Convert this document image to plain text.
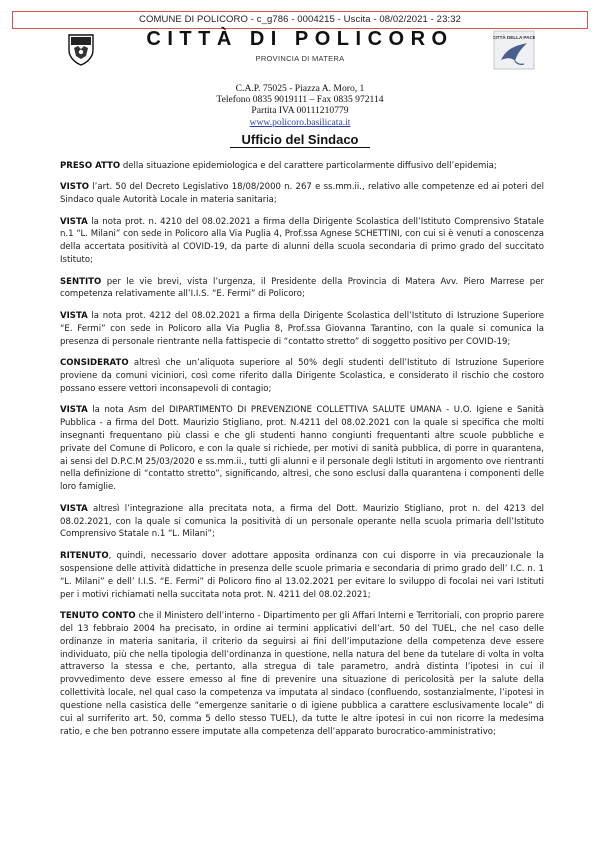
COMUNE DI POLICORO - c_g786 - 0004215 - Uscita - 08/02/2021 - 23:32
CITTÀ DI POLICORO
PROVINCIA DI MATERA
CITTÀ DELLA PACE
C.A.P. 75025 - Piazza A. Moro, 1
Telefono 0835 9019111 – Fax 0835 972114
Partita IVA 00111210779
www.policoro.basilicata.it
Ufficio del Sindaco

PRESO ATTO della situazione epidemiologica e del carattere particolarmente diffusivo dell’epidemia;

VISTO l’art. 50 del Decreto Legislativo 18/08/2000 n. 267 e ss.mm.ii., relativo alle competenze ed ai poteri del Sindaco quale Autorità Locale in materia sanitaria;

VISTA la nota prot. n. 4210 del 08.02.2021 a firma della Dirigente Scolastica dell’Istituto Comprensivo Statale n.1 “L. Milani” con sede in Policoro alla Via Puglia 4, Prof.ssa Agnese SCHETTINI, con cui si è venuti a conoscenza della accertata positività al COVID-19, da parte di alunni della scuola secondaria di primo grado del succitato Istituto;

SENTITO per le vie brevi, vista l’urgenza, il Presidente della Provincia di Matera Avv. Piero Marrese per competenza relativamente all’I.I.S. “E. Fermi” di Policoro;

VISTA la nota prot. 4212 del 08.02.2021 a firma della Dirigente Scolastica dell’Istituto di Istruzione Superiore “E. Fermi” con sede in Policoro alla Via Puglia 8, Prof.ssa Giovanna Tarantino, con la quale si comunica la presenza di personale rientrante nella fattispecie di “contatto stretto” di soggetto positivo per COVID-19;

CONSIDERATO altresì che un’aliquota superiore al 50% degli studenti dell’Istituto di Istruzione Superiore proviene da comuni viciniori, così come riferito dalla Dirigente Scolastica, e considerato il rischio che costoro possano essere vettori inconsapevoli di contagio;

VISTA la nota Asm del DIPARTIMENTO DI PREVENZIONE COLLETTIVA SALUTE UMANA - U.O. Igiene e Sanità Pubblica - a firma del Dott. Maurizio Stigliano, prot. N.4211 del 08.02.2021 con la quale si specifica che molti insegnanti frequentano più classi e che gli studenti hanno congiunti frequentanti altre scuole pubbliche e private del Comune di Policoro, e con la quale si richiede, per motivi di sanità pubblica, di porre in quarantena, ai sensi del D.P.C.M 25/03/2020 e ss.mm.ii., tutti gli alunni e il personale degli Istituti in argomento ove rientranti nella definizione di “contatto stretto”, significando, altresì, che sono esclusi dalla quarantena i componenti delle loro famiglie.

VISTA altresì l’integrazione alla precitata nota, a firma del Dott. Maurizio Stigliano, prot n. del 4213 del 08.02.2021, con la quale si comunica la positività di un personale operante nella scuola primaria dell’Istituto Comprensivo Statale n.1 “L. Milani”;

RITENUTO, quindi, necessario dover adottare apposita ordinanza con cui disporre in via precauzionale la sospensione delle attività didattiche in presenza delle scuole primaria e secondaria di primo grado dell’ I.C. n. 1 “L. Milani” e dell’ I.I.S. “E. Fermi” di Policoro fino al 13.02.2021 per evitare lo sviluppo di focolai nei vari Istituti per i motivi richiamati nella succitata nota prot. N. 4211 del 08.02.2021;

TENUTO CONTO che il Ministero dell’interno - Dipartimento per gli Affari Interni e Territoriali, con proprio parere del 13 febbraio 2004 ha precisato, in ordine ai termini applicativi dell’art. 50 del TUEL, che nel caso delle ordinanze in materia sanitaria, il criterio da seguirsi ai fini dell’imputazione della competenza deve essere individuato, più che nella tipologia dell’ordinanza in questione, nella natura del bene da tutelare di volta in volta attraverso la stessa e che, pertanto, alla stregua di tale parametro, andrà distinta l’ipotesi in cui il provvedimento deve essere emesso al fine di prevenire una situazione di pericolosità per la salute della collettività locale, nel qual caso la competenza va imputata al sindaco (confluendo, sostanzialmente, l’ipotesi in questione nella casistica delle “emergenze sanitarie o di igiene pubblica a carattere esclusivamente locale” di cui al surriferito art. 50, comma 5 dello stesso TUEL), da tutte le altre ipotesi in cui non ricorre la medesima ratio, e che ben potranno essere imputate alla competenza dell’apparato burocratico-amministrativo;
